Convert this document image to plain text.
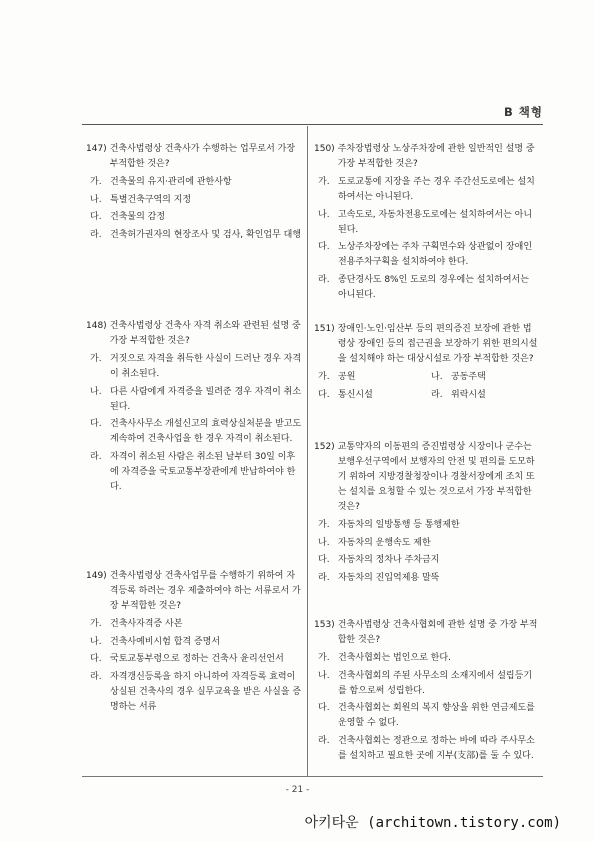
B 책형
147) 건축사법령상 건축사가 수행하는 업무로서 가장 부적합한 것은?
가. 건축물의 유지·관리에 관한사항
나. 특별건축구역의 지정
다. 건축물의 감정
라. 건축허가권자의 현장조사 및 검사, 확인업무 대행
148) 건축사법령상 건축사 자격 취소와 관련된 설명 중 가장 부적합한 것은?
가. 거짓으로 자격을 취득한 사실이 드러난 경우 자격이 취소된다.
나. 다른 사람에게 자격증을 빌려준 경우 자격이 취소된다.
다. 건축사사무소 개설신고의 효력상실처분을 받고도 계속하여 건축사업을 한 경우 자격이 취소된다.
라. 자격이 취소된 사람은 취소된 날부터 30일 이후에 자격증을 국토교통부장관에게 반납하여야 한다.
149) 건축사법령상 건축사업무를 수행하기 위하여 자격등록 하려는 경우 제출하여야 하는 서류로서 가장 부적합한 것은?
가. 건축사자격증 사본
나. 건축사예비시험 합격 증명서
다. 국토교통부령으로 정하는 건축사 윤리선언서
라. 자격갱신등록을 하지 아니하여 자격등록 효력이 상실된 건축사의 경우 실무교육을 받은 사실을 증명하는 서류
150) 주차장법령상 노상주차장에 관한 일반적인 설명 중 가장 부적합한 것은?
가. 도로교통에 지장을 주는 경우 주간선도로에는 설치하여서는 아니된다.
나. 고속도로, 자동차전용도로에는 설치하여서는 아니된다.
다. 노상주차장에는 주차 구획면수와 상관없이 장애인 전용주차구획을 설치하여야 한다.
라. 종단경사도 8%인 도로의 경우에는 설치하여서는 아니된다.
151) 장애인·노인·임산부 등의 편의증진 보장에 관한 법령상 장애인 등의 접근권을 보장하기 위한 편의시설을 설치해야 하는 대상시설로 가장 부적합한 것은?
가. 공원	나. 공동주택
다. 통신시설	라. 위락시설
152) 교통약자의 이동편의 증진법령상 시장이나 군수는 보행우선구역에서 보행자의 안전 및 편의를 도모하기 위하여 지방경찰청장이나 경찰서장에게 조치 또는 설치를 요청할 수 있는 것으로서 가장 부적합한 것은?
가. 자동차의 일방통행 등 통행제한
나. 자동차의 운행속도 제한
다. 자동차의 정차나 주차금지
라. 자동차의 진입억제용 말뚝
153) 건축사법령상 건축사협회에 관한 설명 중 가장 부적합한 것은?
가. 건축사협회는 법인으로 한다.
나. 건축사협회의 주된 사무소의 소재지에서 설립등기를 함으로써 성립한다.
다. 건축사협회는 회원의 복지 향상을 위한 연금제도를 운영할 수 없다.
라. 건축사협회는 정관으로 정하는 바에 따라 주사무소를 설치하고 필요한 곳에 지부(支部)를 둘 수 있다.
- 21 -
아키타운 (architown.tistory.com)
